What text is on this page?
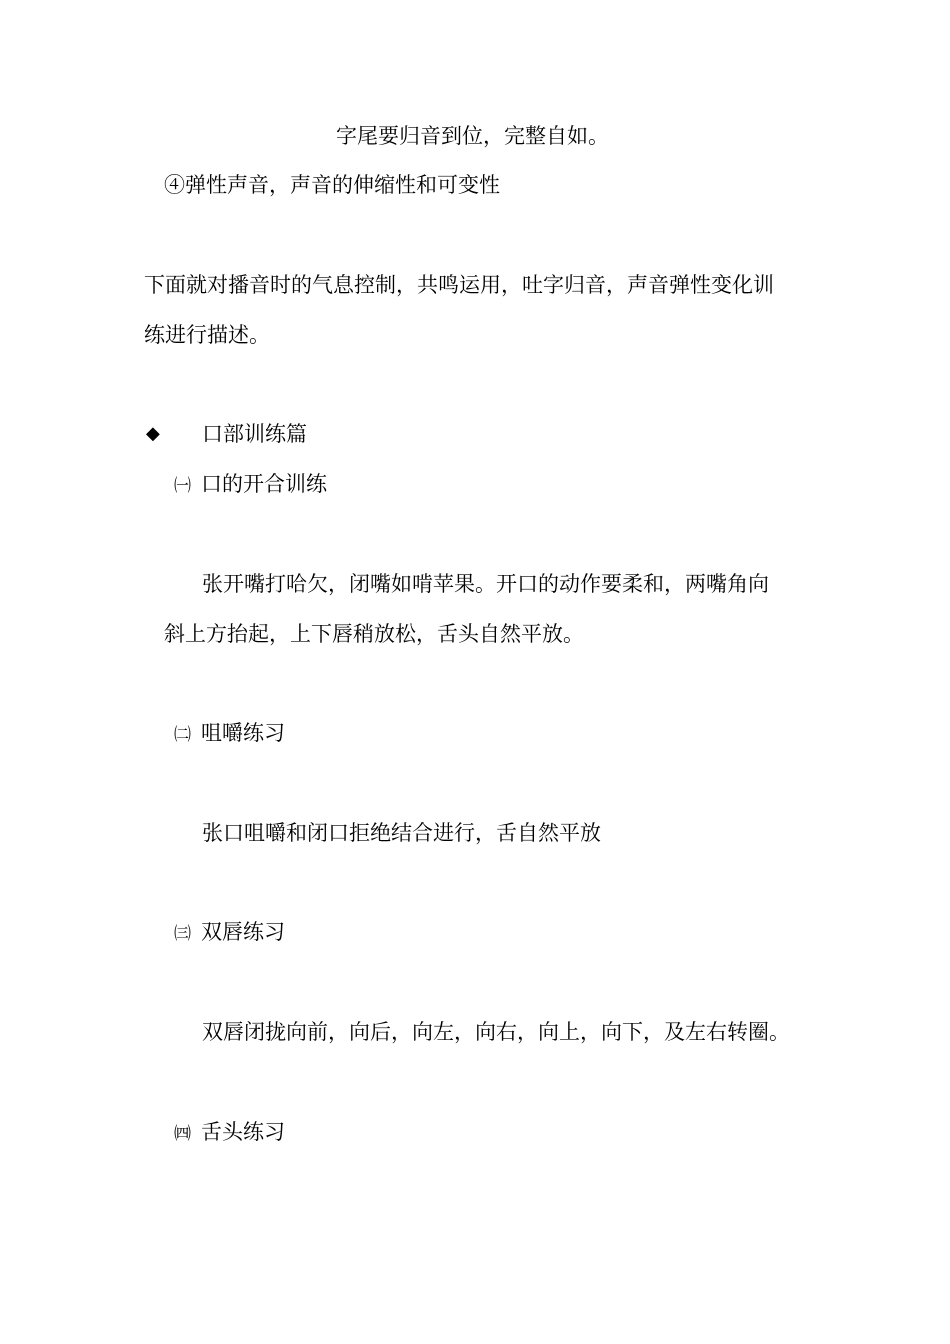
字尾要归音到位，完整自如。
④弹性声音，声音的伸缩性和可变性
下面就对播音时的气息控制，共鸣运用，吐字归音，声音弹性变化训
练进行描述。
◆ 口部训练篇
㈠ 口的开合训练
张开嘴打哈欠，闭嘴如啃苹果。开口的动作要柔和，两嘴角向
斜上方抬起，上下唇稍放松，舌头自然平放。
㈡ 咀嚼练习
张口咀嚼和闭口拒绝结合进行，舌自然平放
㈢ 双唇练习
双唇闭拢向前，向后，向左，向右，向上，向下，及左右转圈。
㈣ 舌头练习
